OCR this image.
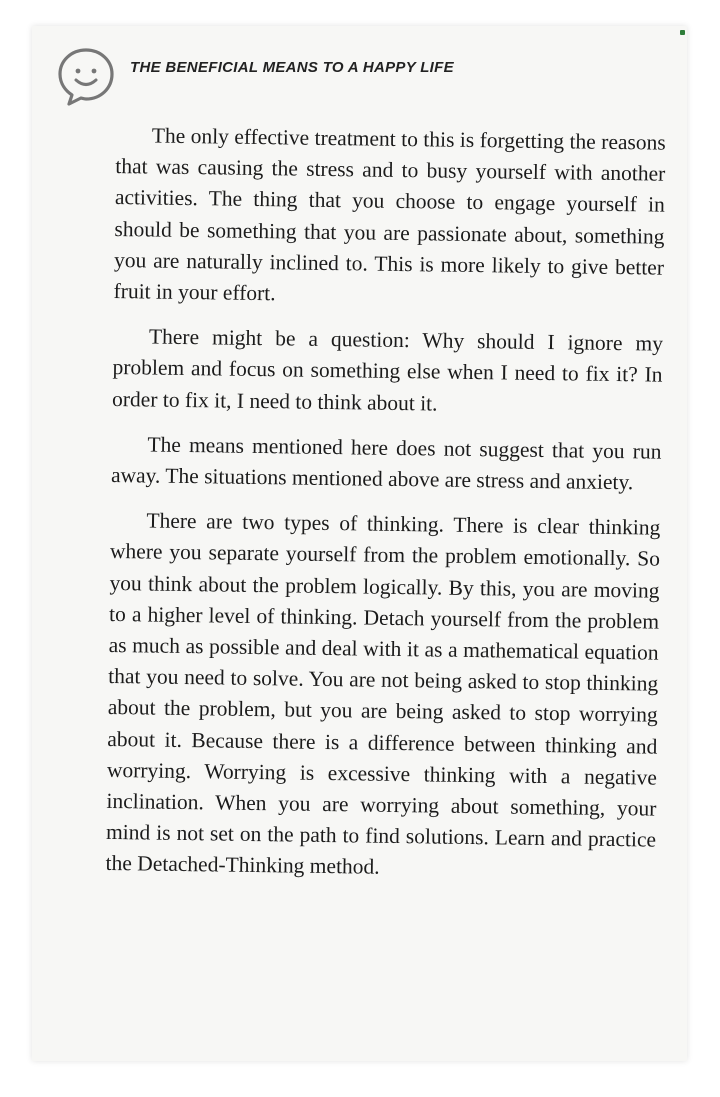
THE BENEFICIAL MEANS TO A HAPPY LIFE

The only effective treatment to this is forgetting the reasons that was causing the stress and to busy yourself with another activities. The thing that you choose to engage yourself in should be something that you are passionate about, something you are naturally inclined to. This is more likely to give better fruit in your effort.

There might be a question: Why should I ignore my problem and focus on something else when I need to fix it? In order to fix it, I need to think about it.

The means mentioned here does not suggest that you run away. The situations mentioned above are stress and anxiety.

There are two types of thinking. There is clear thinking where you separate yourself from the problem emotionally. So you think about the problem logically. By this, you are moving to a higher level of thinking. Detach yourself from the problem as much as possible and deal with it as a mathematical equation that you need to solve. You are not being asked to stop thinking about the problem, but you are being asked to stop worrying about it. Because there is a difference between thinking and worrying. Worrying is excessive thinking with a negative inclination. When you are worrying about something, your mind is not set on the path to find solutions. Learn and practice the Detached-Thinking method.
